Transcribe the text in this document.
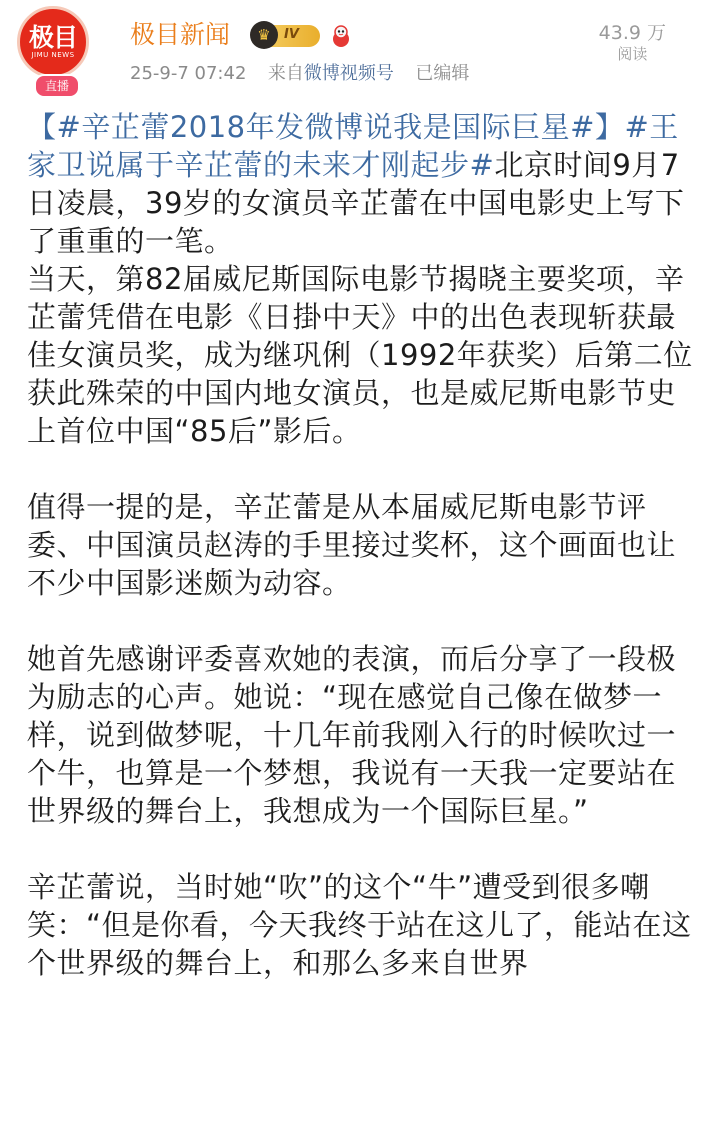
极目
JIMU NEWS
直播
极目新闻	♛	IV
25-9-7 07:42 来自微博视频号 已编辑
43.9 万
阅读

【#辛芷蕾2018年发微博说我是国际巨星#】#王家卫说属于辛芷蕾的未来才刚起步#北京时间9月7日凌晨，39岁的女演员辛芷蕾在中国电影史上写下了重重的一笔。

当天，第82届威尼斯国际电影节揭晓主要奖项，辛芷蕾凭借在电影《日掛中天》中的出色表现斩获最佳女演员奖，成为继巩俐（1992年获奖）后第二位获此殊荣的中国内地女演员，也是威尼斯电影节史上首位中国“85后”影后。

值得一提的是，辛芷蕾是从本届威尼斯电影节评委、中国演员赵涛的手里接过奖杯，这个画面也让不少中国影迷颇为动容。

她首先感谢评委喜欢她的表演，而后分享了一段极为励志的心声。她说：“现在感觉自己像在做梦一样，说到做梦呢，十几年前我刚入行的时候吹过一个牛，也算是一个梦想，我说有一天我一定要站在世界级的舞台上，我想成为一个国际巨星。”

辛芷蕾说，当时她“吹”的这个“牛”遭受到很多嘲笑：“但是你看，今天我终于站在这儿了，能站在这个世界级的舞台上，和那么多来自世界
